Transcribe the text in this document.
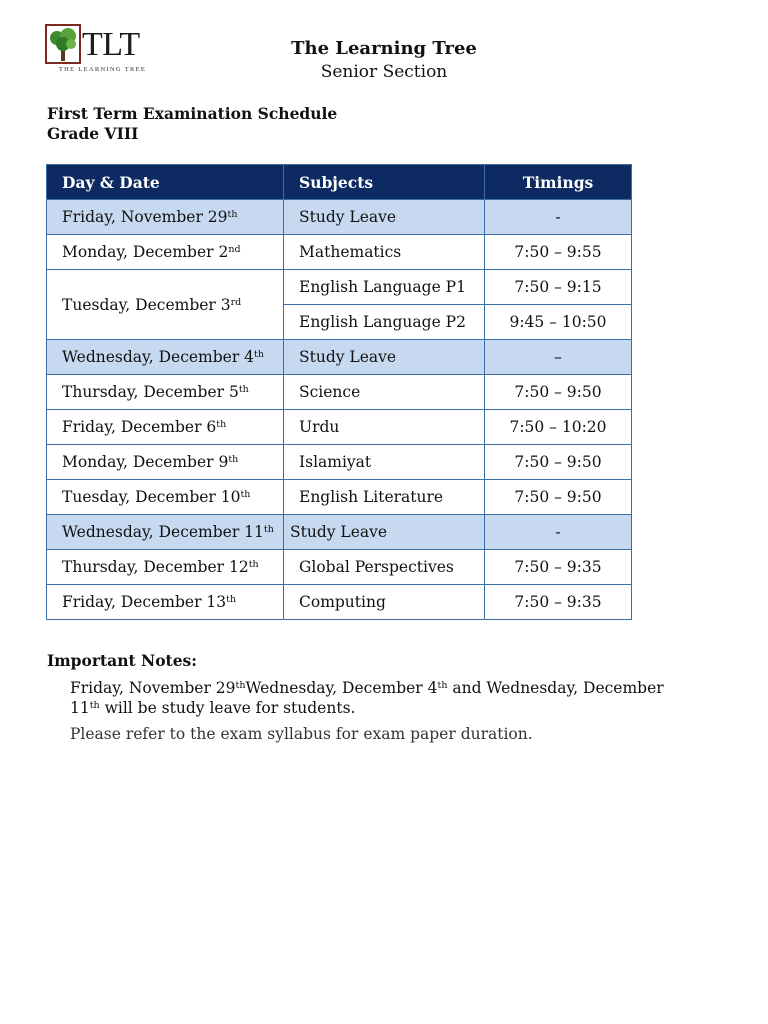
TLT
THE LEARNING TREE
The Learning Tree
Senior Section
First Term Examination Schedule
Grade VIII
Day & Date	Subjects	Timings
Friday, November 29th	Study Leave	-
Monday, December 2nd	Mathematics	7:50 – 9:55
Tuesday, December 3rd	English Language P1	7:50 – 9:15
	English Language P2	9:45 – 10:50
Wednesday, December 4th	Study Leave	–
Thursday, December 5th	Science	7:50 – 9:50
Friday, December 6th	Urdu	7:50 – 10:20
Monday, December 9th	Islamiyat	7:50 – 9:50
Tuesday, December 10th	English Literature	7:50 – 9:50
Wednesday, December 11th	Study Leave	-
Thursday, December 12th	Global Perspectives	7:50 – 9:35
Friday, December 13th	Computing	7:50 – 9:35
Important Notes:
Friday, November 29thWednesday, December 4th and Wednesday, December 11th will be study leave for students.
Please refer to the exam syllabus for exam paper duration.
